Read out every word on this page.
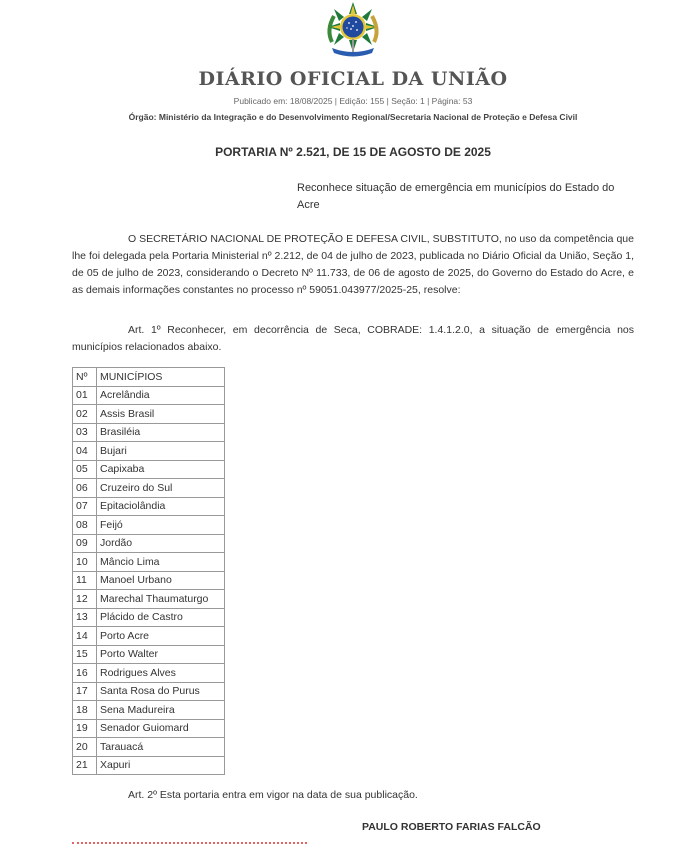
DIÁRIO OFICIAL DA UNIÃO
Publicado em: 18/08/2025 | Edição: 155 | Seção: 1 | Página: 53
Órgão: Ministério da Integração e do Desenvolvimento Regional/Secretaria Nacional de Proteção e Defesa Civil
PORTARIA Nº 2.521, DE 15 DE AGOSTO DE 2025
Reconhece situação de emergência em municípios do Estado do Acre
O SECRETÁRIO NACIONAL DE PROTEÇÃO E DEFESA CIVIL, SUBSTITUTO, no uso da competência que lhe foi delegada pela Portaria Ministerial nº 2.212, de 04 de julho de 2023, publicada no Diário Oficial da União, Seção 1, de 05 de julho de 2023, considerando o Decreto Nº 11.733, de 06 de agosto de 2025, do Governo do Estado do Acre, e as demais informações constantes no processo nº 59051.043977/2025-25, resolve:
Art. 1º Reconhecer, em decorrência de Seca, COBRADE: 1.4.1.2.0, a situação de emergência nos municípios relacionados abaixo.
Nº	MUNICÍPIOS
01	Acrelândia
02	Assis Brasil
03	Brasiléia
04	Bujari
05	Capixaba
06	Cruzeiro do Sul
07	Epitaciolândia
08	Feijó
09	Jordão
10	Mâncio Lima
11	Manoel Urbano
12	Marechal Thaumaturgo
13	Plácido de Castro
14	Porto Acre
15	Porto Walter
16	Rodrigues Alves
17	Santa Rosa do Purus
18	Sena Madureira
19	Senador Guiomard
20	Tarauacá
21	Xapuri
Art. 2º Esta portaria entra em vigor na data de sua publicação.
PAULO ROBERTO FARIAS FALCÃO
